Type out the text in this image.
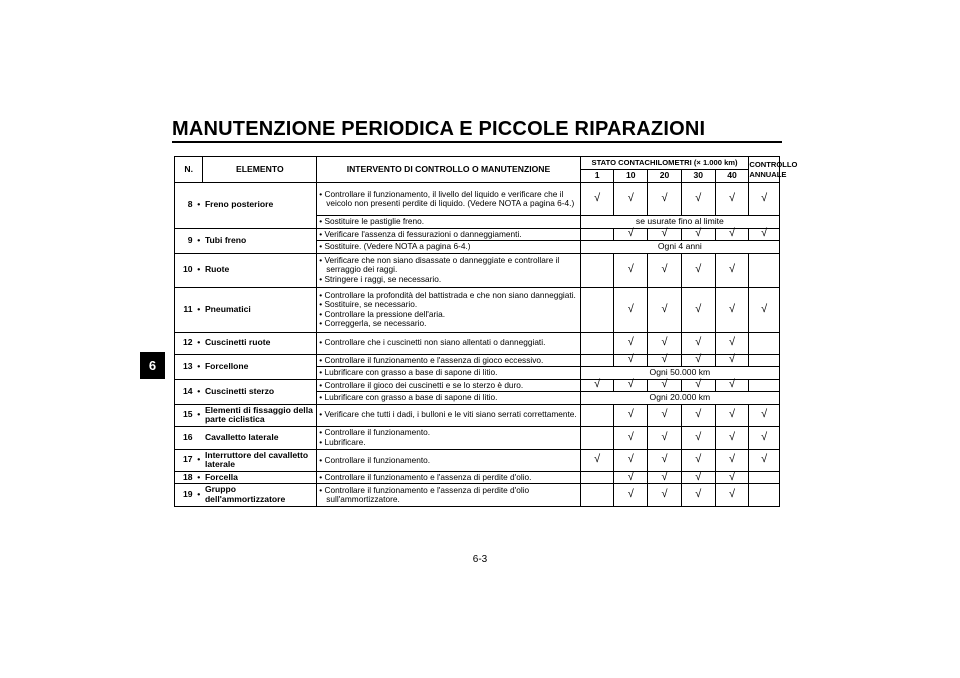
MANUTENZIONE PERIODICA E PICCOLE RIPARAZIONI
6
N.		ELEMENTO	INTERVENTO DI CONTROLLO O MANUTENZIONE	STATO CONTACHILOMETRI (× 1.000 km)					CONTROLLO ANNUALE
				1	10	20	30	40	
8	•	Freno posteriore	• Controllare il funzionamento, il livello del liquido e verificare che il veicolo non presenti perdite di liquido. (Vedere NOTA a pagina 6-4.)	√	√	√	√	√	√

			• Sostituire le pastiglie freno.	se usurate fino al limite					
9	•	Tubi freno	• Verificare l'assenza di fessurazioni o danneggiamenti.		√	√	√	√	√

			• Sostituire. (Vedere NOTA a pagina 6-4.)	Ogni 4 anni					
10	•	Ruote	• Verificare che non siano disassate o danneggiate e controllare il serraggio dei raggi.
• Stringere i raggi, se necessario.		√	√	√	√	
11	•	Pneumatici	• Controllare la profondità del battistrada e che non siano danneggiati.
• Sostituire, se necessario.
• Controllare la pressione dell'aria.
• Correggerla, se necessario.		√	√	√	√	√
12	•	Cuscinetti ruote	• Controllare che i cuscinetti non siano allentati o danneggiati.		√	√	√	√	
13	•	Forcellone	• Controllare il funzionamento e l'assenza di gioco eccessivo.		√	√	√	√	

			• Lubrificare con grasso a base di sapone di litio.	Ogni 50.000 km					
14	•	Cuscinetti sterzo	• Controllare il gioco dei cuscinetti e se lo sterzo è duro.	√	√	√	√	√	

			• Lubrificare con grasso a base di sapone di litio.	Ogni 20.000 km					
15	•	Elementi di fissaggio della parte ciclistica	• Verificare che tutti i dadi, i bulloni e le viti siano serrati correttamente.		√	√	√	√	√
16		Cavalletto laterale	• Controllare il funzionamento.
• Lubrificare.		√	√	√	√	√
17	•	Interruttore del cavalletto laterale	• Controllare il funzionamento.	√	√	√	√	√	√
18	•	Forcella	• Controllare il funzionamento e l'assenza di perdite d'olio.		√	√	√	√	
19	•	Gruppo dell'ammortizzatore	• Controllare il funzionamento e l'assenza di perdite d'olio sull'ammortizzatore.		√	√	√	√	
6-3
